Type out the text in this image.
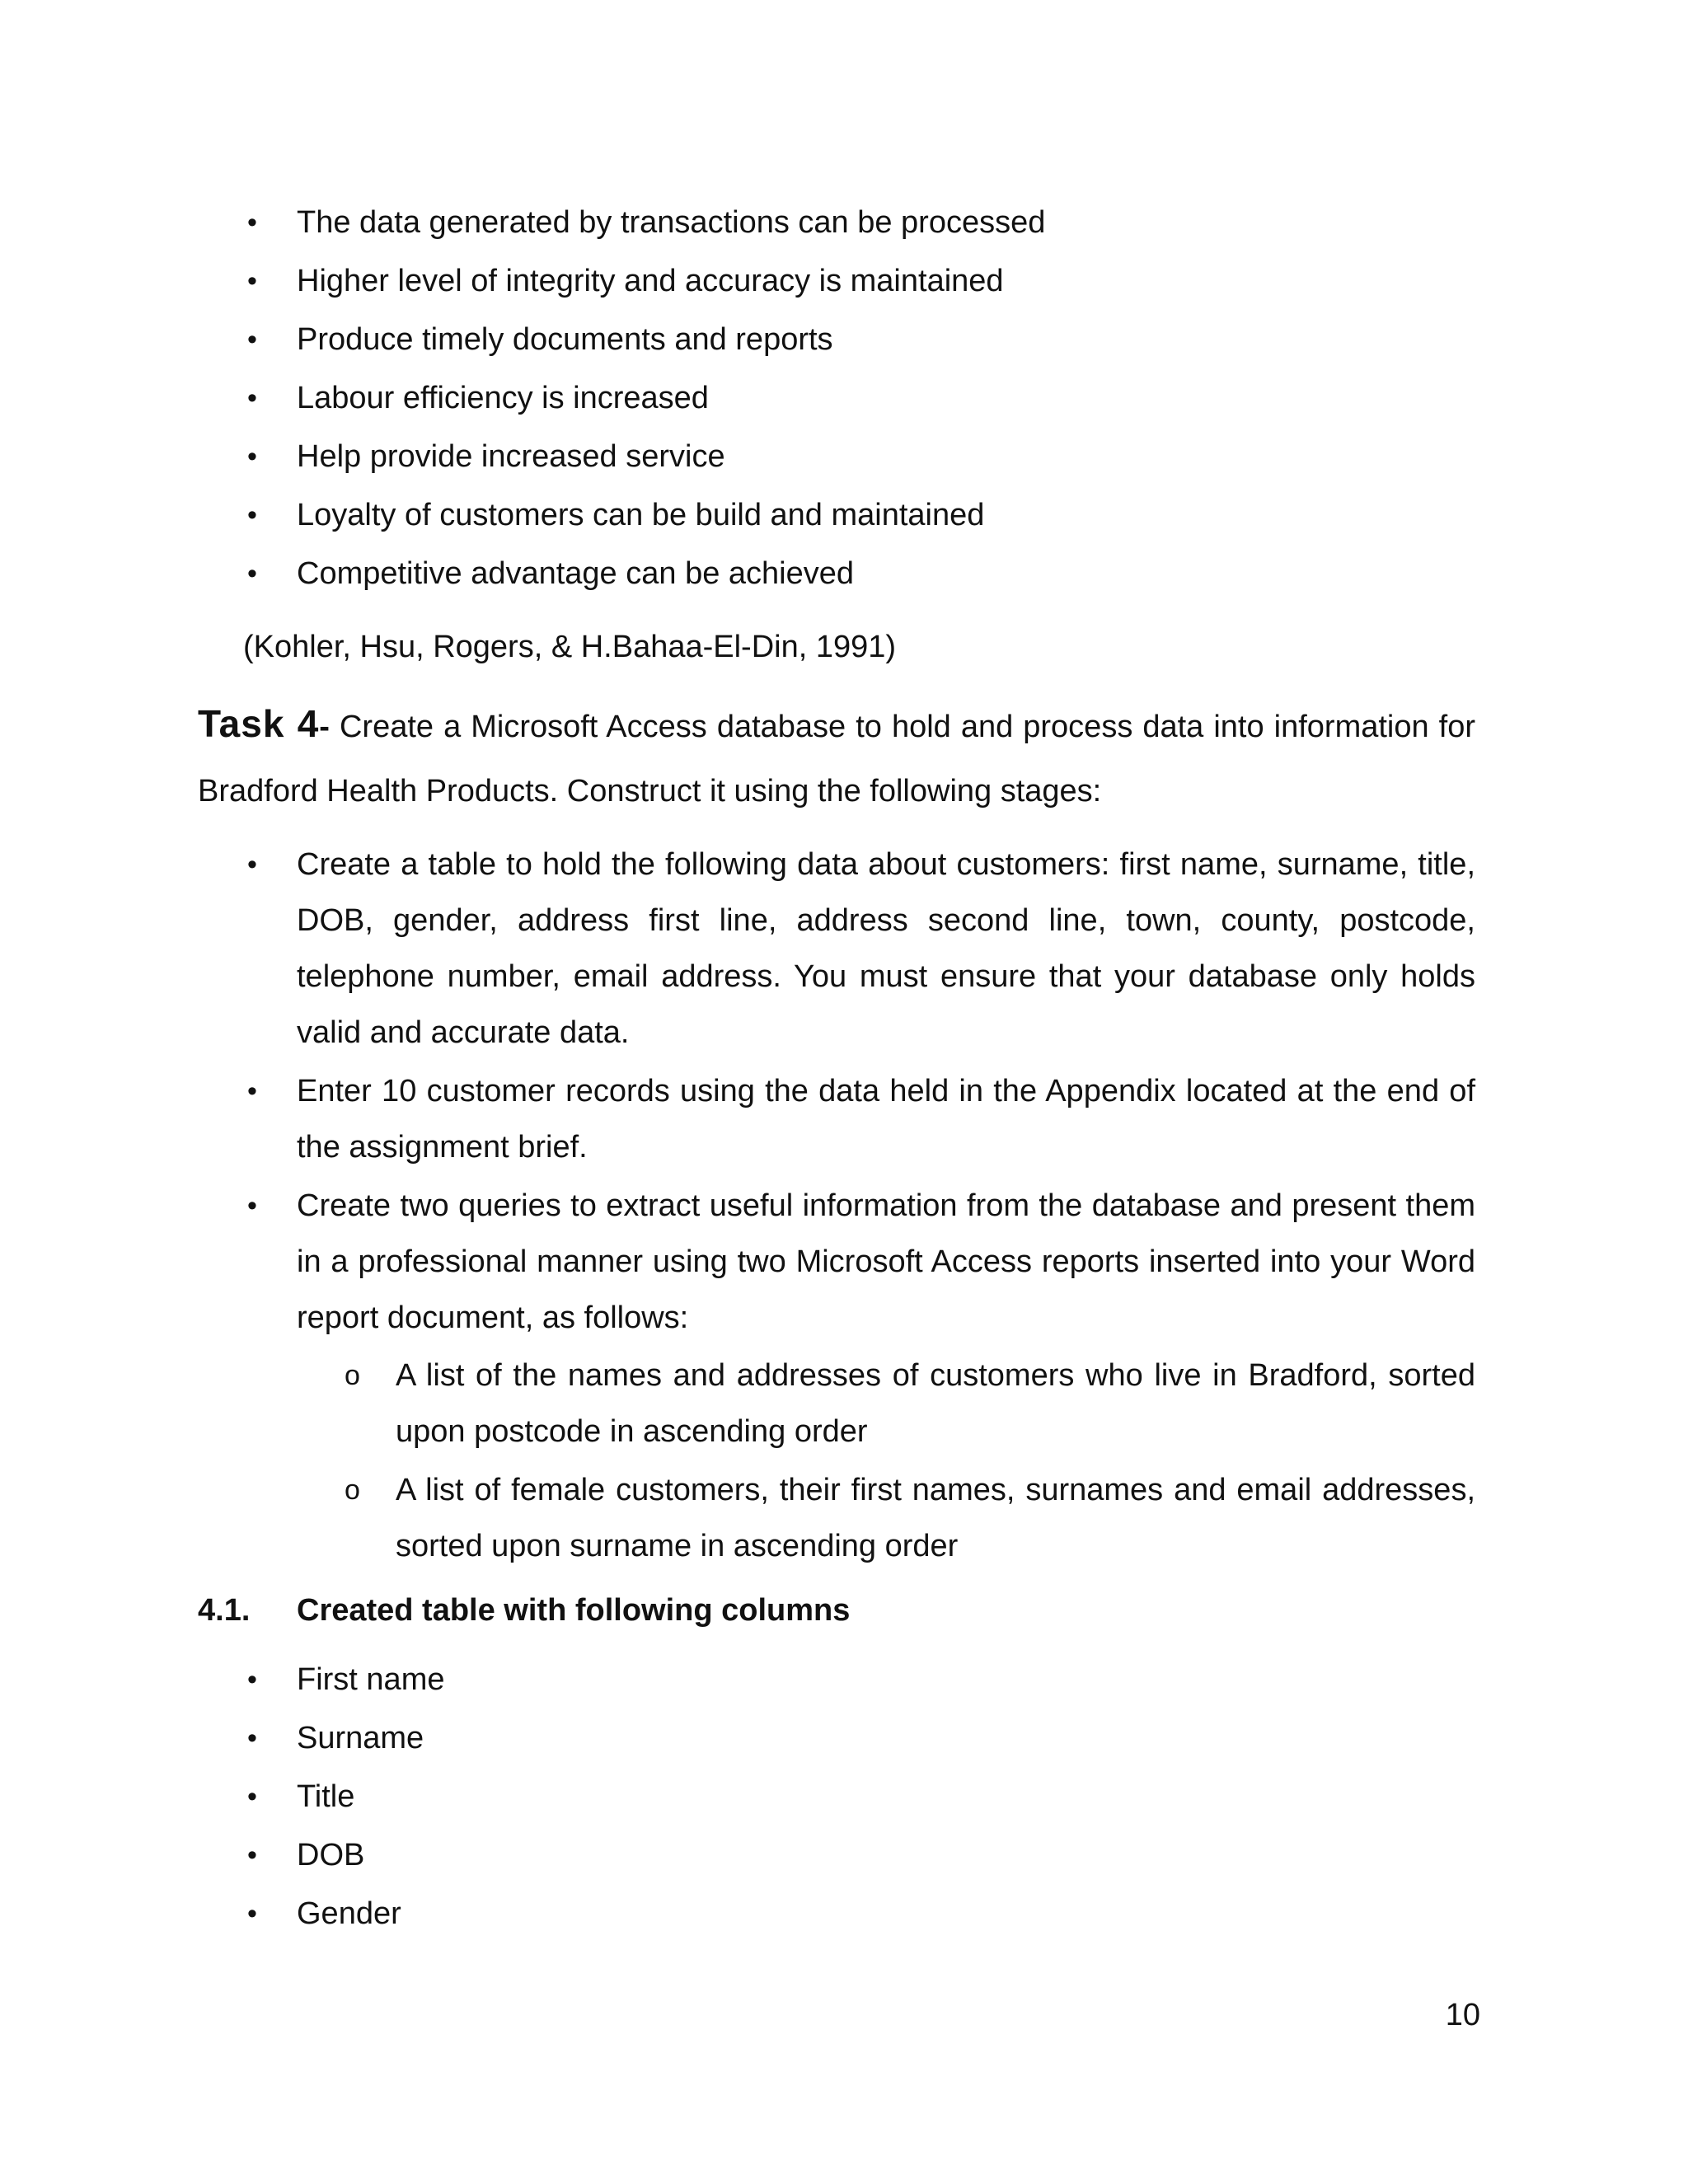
• The data generated by transactions can be processed
• Higher level of integrity and accuracy is maintained
• Produce timely documents and reports
• Labour efficiency is increased
• Help provide increased service
• Loyalty of customers can be build and maintained
• Competitive advantage can be achieved

(Kohler, Hsu, Rogers, & H.Bahaa-El-Din, 1991)

Task 4- Create a Microsoft Access database to hold and process data into information for Bradford Health Products. Construct it using the following stages:
• Create a table to hold the following data about customers: first name, surname, title, DOB, gender, address first line, address second line, town, county, postcode, telephone number, email address. You must ensure that your database only holds valid and accurate data.
• Enter 10 customer records using the data held in the Appendix located at the end of the assignment brief.
• Create two queries to extract useful information from the database and present them in a professional manner using two Microsoft Access reports inserted into your Word report document, as follows:
o A list of the names and addresses of customers who live in Bradford, sorted upon postcode in ascending order
o A list of female customers, their first names, surnames and email addresses, sorted upon surname in ascending order
4.1.	Created table with following columns
• First name
• Surname
• Title
• DOB
• Gender
10
